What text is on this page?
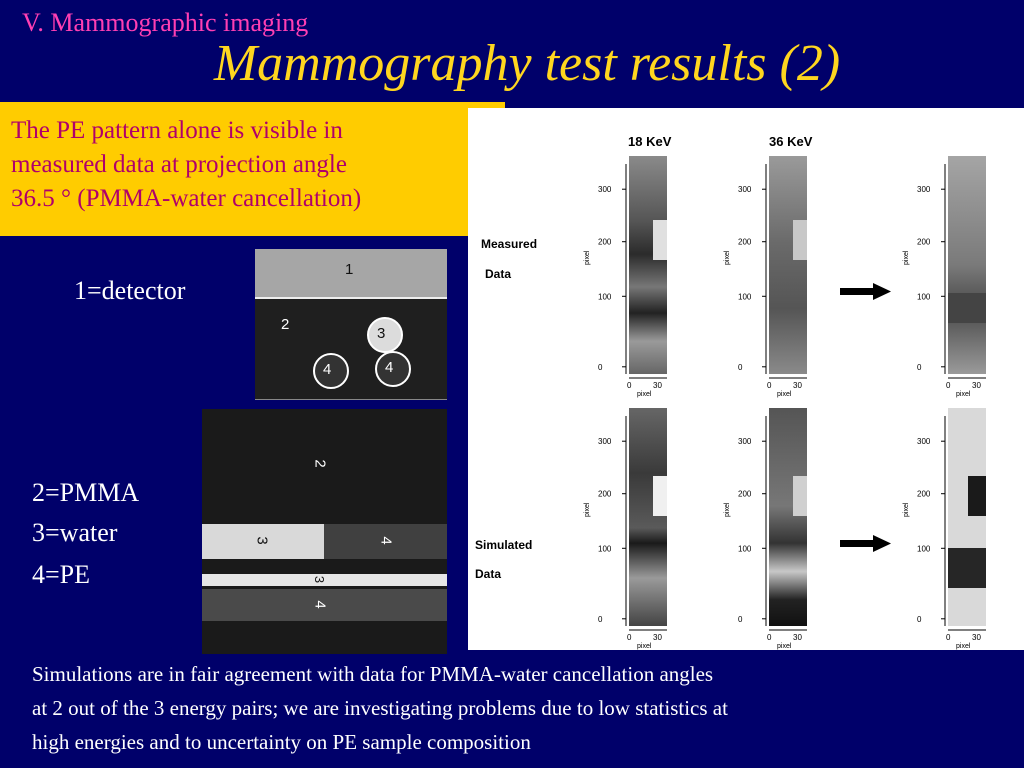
V. Mammographic imaging
Mammography test results (2)
The PE pattern alone is visible in
measured data at projection angle
36.5 ° (PMMA-water cancellation)
1=detector
2=PMMA
3=water
4=PE
1
2
3
4	4
2
3	4
3
4
18 KeV	36 KeV
Measured
Data
Simulated
Data
300
200
100
0
pixel
0	30
pixel
300
200
100
0
pixel
0	30
pixel
300
200
100
0
pixel
0	30
pixel
300
200
100
0
pixel
0	30
pixel
300
200
100
0
pixel
0	30
pixel
300
200
100
0
pixel
0	30
pixel
Simulations are in fair agreement with data for PMMA-water cancellation angles
at 2 out of the 3 energy pairs; we are investigating problems due to low statistics at
high energies and to uncertainty on PE sample composition
